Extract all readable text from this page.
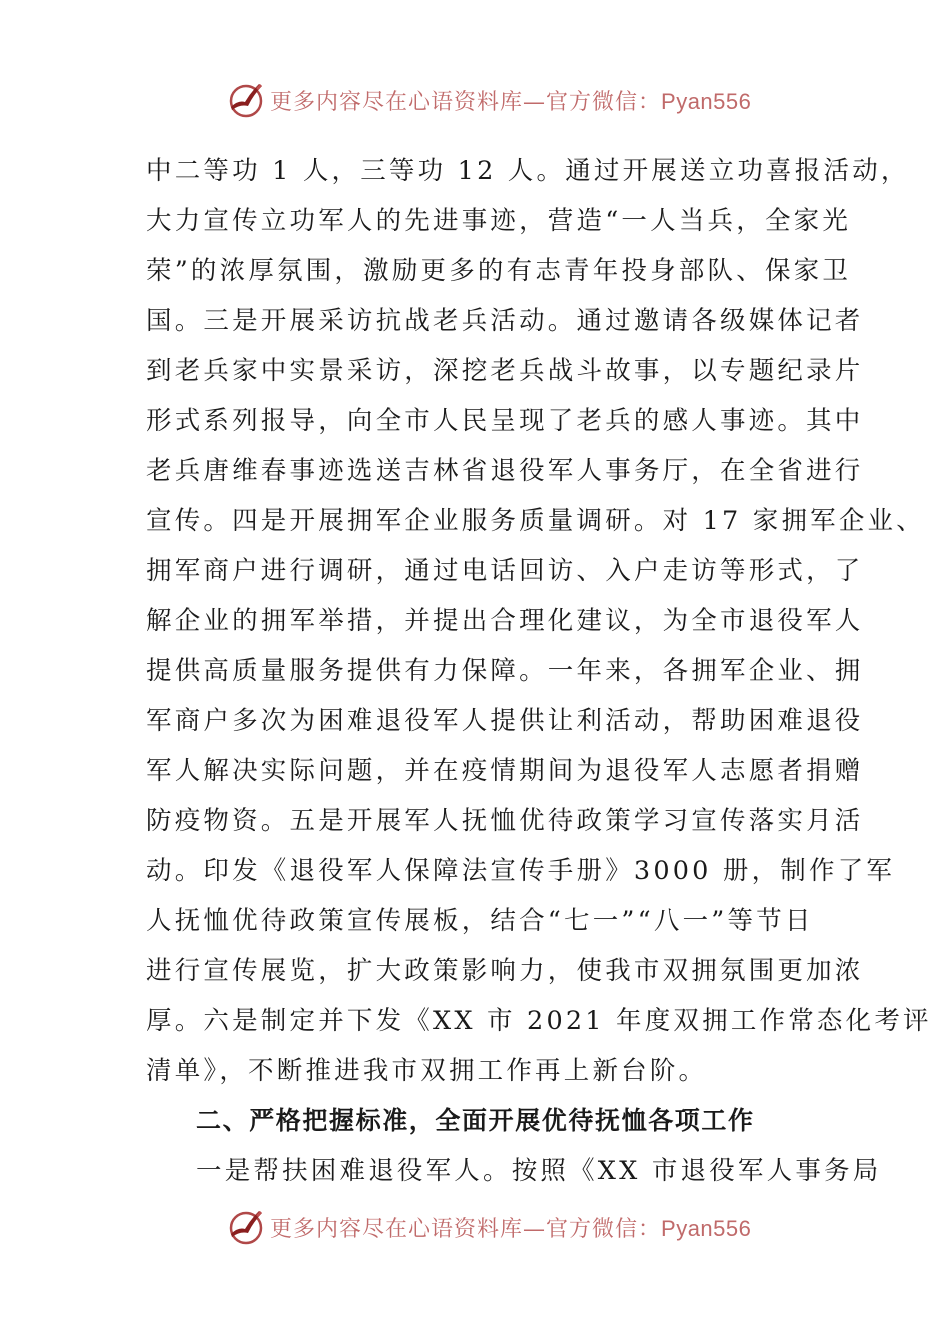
更多内容尽在心语资料库—官方微信：Pyan556
中二等功 1 人，三等功 12 人。通过开展送立功喜报活动，
大力宣传立功军人的先进事迹，营造“一人当兵，全家光
荣”的浓厚氛围，激励更多的有志青年投身部队、保家卫
国。三是开展采访抗战老兵活动。通过邀请各级媒体记者
到老兵家中实景采访，深挖老兵战斗故事，以专题纪录片
形式系列报导，向全市人民呈现了老兵的感人事迹。其中
老兵唐维春事迹选送吉林省退役军人事务厅，在全省进行
宣传。四是开展拥军企业服务质量调研。对 17 家拥军企业、
拥军商户进行调研，通过电话回访、入户走访等形式，了
解企业的拥军举措，并提出合理化建议，为全市退役军人
提供高质量服务提供有力保障。一年来，各拥军企业、拥
军商户多次为困难退役军人提供让利活动，帮助困难退役
军人解决实际问题，并在疫情期间为退役军人志愿者捐赠
防疫物资。五是开展军人抚恤优待政策学习宣传落实月活
动。印发《退役军人保障法宣传手册》3000 册，制作了军
人抚恤优待政策宣传展板，结合“七一”“八一”等节日
进行宣传展览，扩大政策影响力，使我市双拥氛围更加浓
厚。六是制定并下发《XX 市 2021 年度双拥工作常态化考评
清单》，不断推进我市双拥工作再上新台阶。
二、严格把握标准，全面开展优待抚恤各项工作
一是帮扶困难退役军人。按照《XX 市退役军人事务局
更多内容尽在心语资料库—官方微信：Pyan556
